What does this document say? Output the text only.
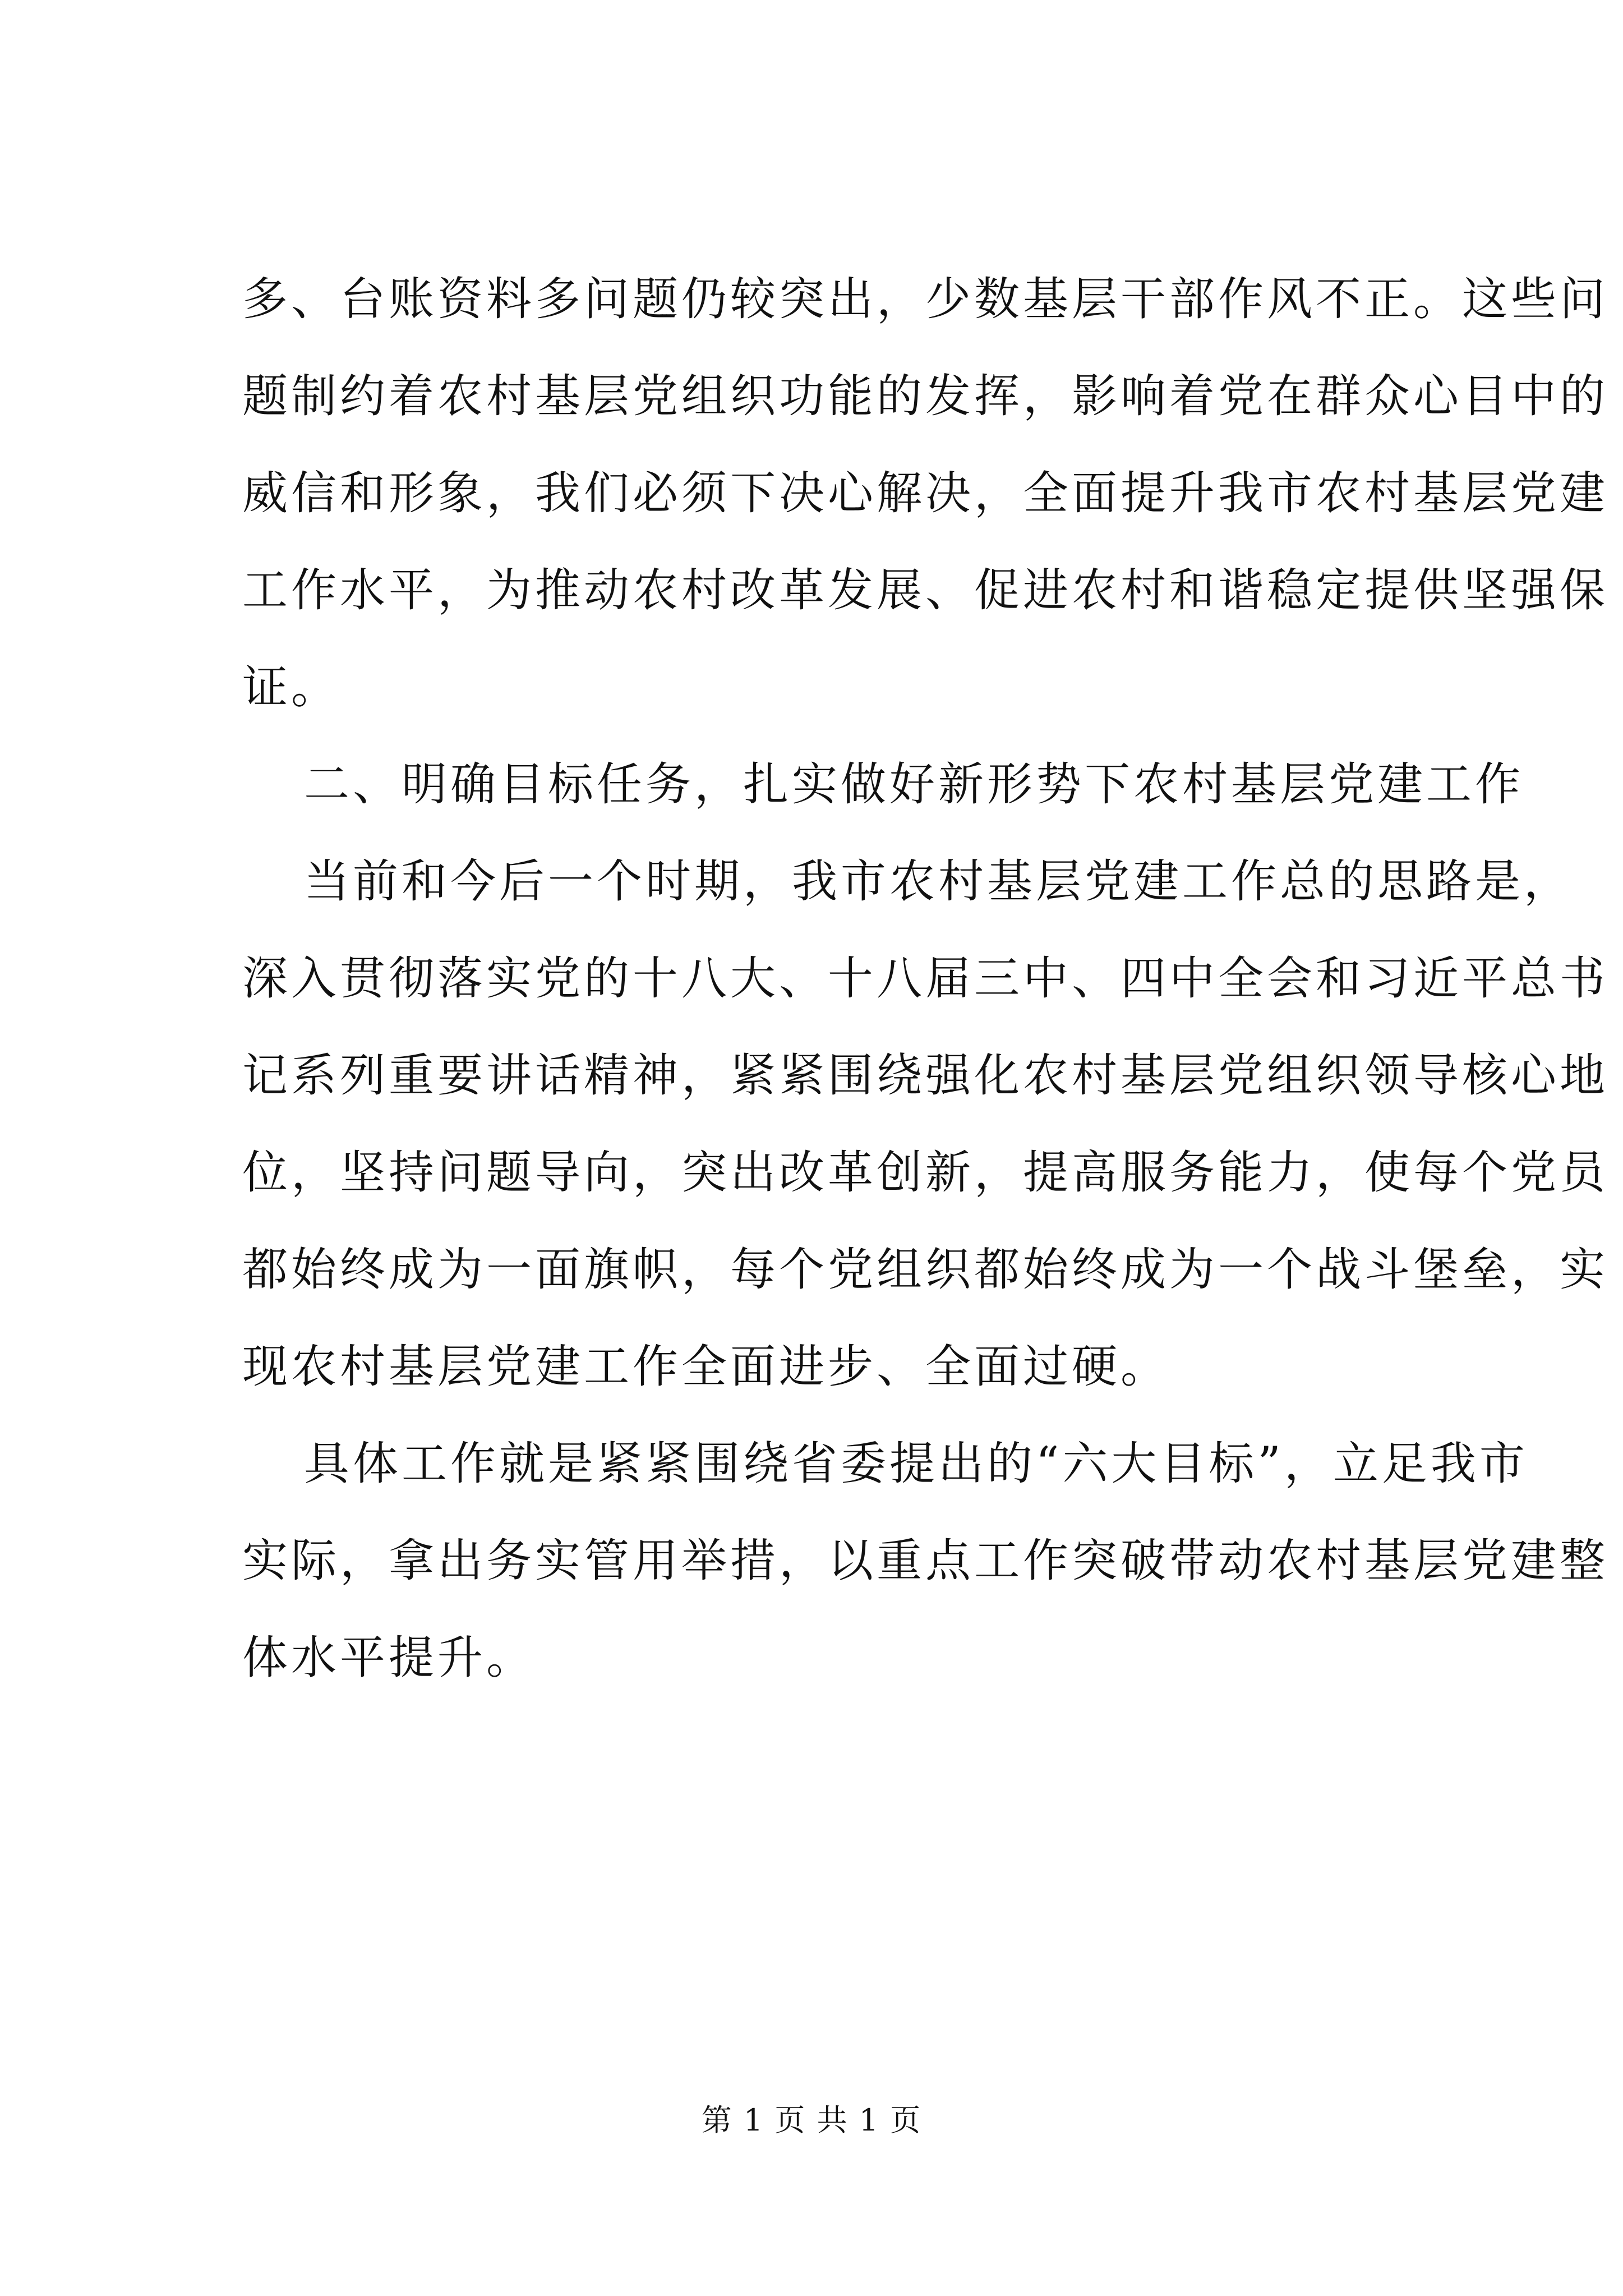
多、台账资料多问题仍较突出，少数基层干部作风不正。这些问
题制约着农村基层党组织功能的发挥，影响着党在群众心目中的
威信和形象，我们必须下决心解决，全面提升我市农村基层党建
工作水平，为推动农村改革发展、促进农村和谐稳定提供坚强保
证。
二、明确目标任务，扎实做好新形势下农村基层党建工作
当前和今后一个时期，我市农村基层党建工作总的思路是，
深入贯彻落实党的十八大、十八届三中、四中全会和习近平总书
记系列重要讲话精神，紧紧围绕强化农村基层党组织领导核心地
位，坚持问题导向，突出改革创新，提高服务能力，使每个党员
都始终成为一面旗帜，每个党组织都始终成为一个战斗堡垒，实
现农村基层党建工作全面进步、全面过硬。
具体工作就是紧紧围绕省委提出的“六大目标”，立足我市
实际，拿出务实管用举措，以重点工作突破带动农村基层党建整
体水平提升。
第 1 页 共 1 页
